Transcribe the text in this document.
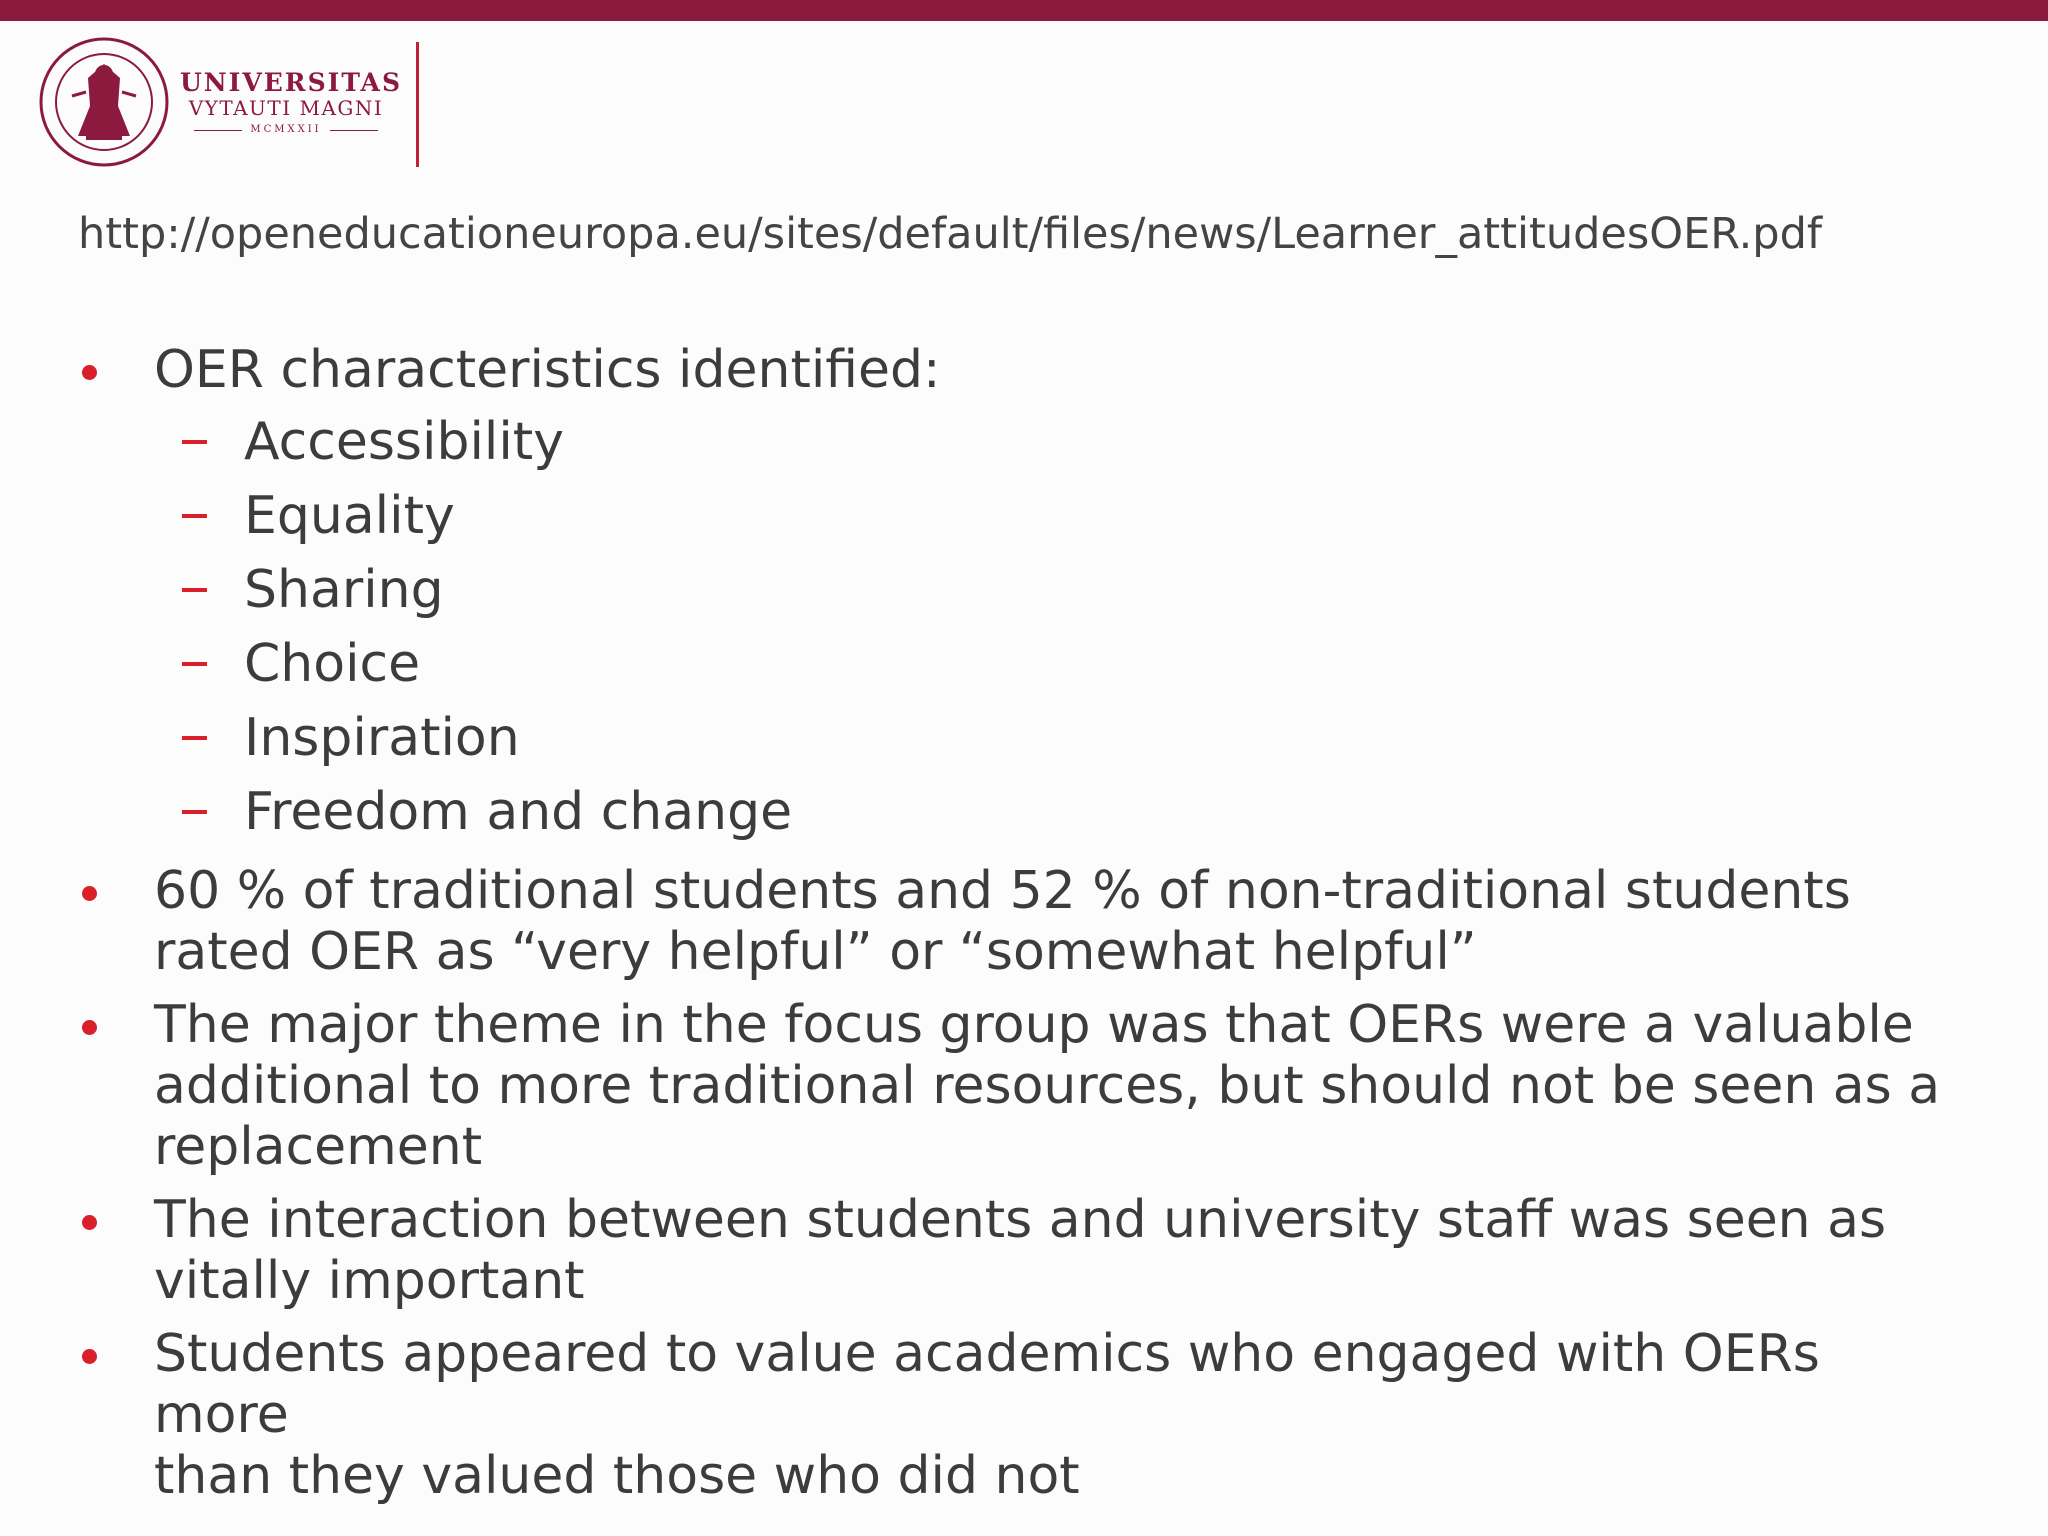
UNIVERSITAS
VYTAUTI MAGNI
MCMXXII
http://openeducationeuropa.eu/sites/default/files/news/Learner_attitudesOER.pdf
OER characteristics identified:
Accessibility
Equality
Sharing
Choice
Inspiration
Freedom and change
60 % of traditional students and 52 % of non-traditional students
rated OER as “very helpful” or “somewhat helpful”
The major theme in the focus group was that OERs were a valuable
additional to more traditional resources, but should not be seen as a
replacement
The interaction between students and university staff was seen as
vitally important
Students appeared to value academics who engaged with OERs more
than they valued those who did not
